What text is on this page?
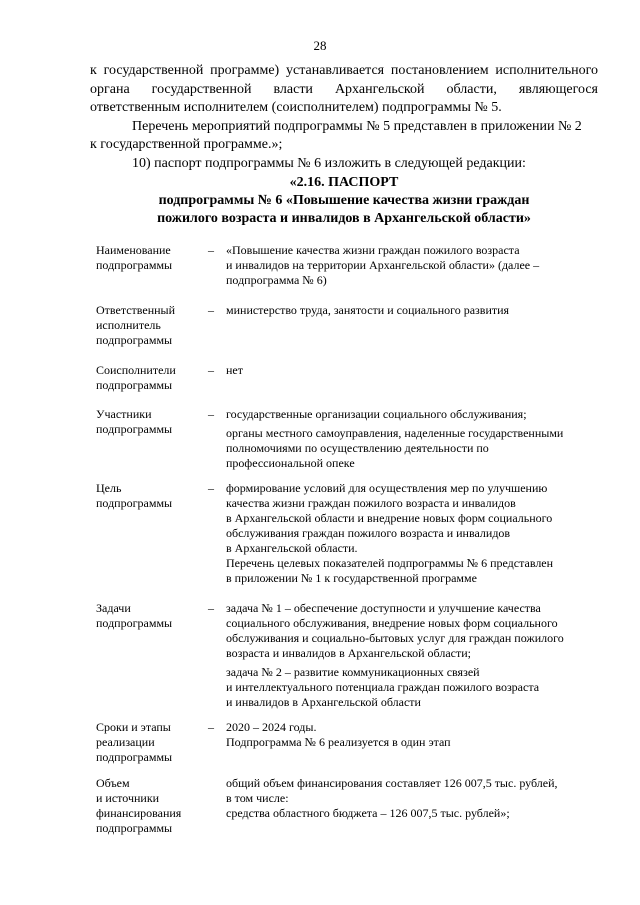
28

к государственной программе) устанавливается постановлением исполнительного

органа государственной власти Архангельской области, являющегося

ответственным исполнителем (соисполнителем) подпрограммы № 5.

Перечень мероприятий подпрограммы № 5 представлен в приложении № 2

к государственной программе.»;

10) паспорт подпрограммы № 6 изложить в следующей редакции:

«2.16. ПАСПОРТ
подпрограммы № 6 «Повышение качества жизни граждан
пожилого возраста и инвалидов в Архангельской области»
Наименование
подпрограммы
–	«Повышение качества жизни граждан пожилого возраста
и инвалидов на территории Архангельской области» (далее –
подпрограмма № 6)
Ответственный
исполнитель
подпрограммы
–	министерство труда, занятости и социального развития
Соисполнители
подпрограммы
–	нет
Участники
подпрограммы
–	государственные организации социального обслуживания;
органы местного самоуправления, наделенные государственными
полномочиями по осуществлению деятельности по
профессиональной опеке
Цель
подпрограммы
–	формирование условий для осуществления мер по улучшению
качества жизни граждан пожилого возраста и инвалидов
в Архангельской области и внедрение новых форм социального
обслуживания граждан пожилого возраста и инвалидов
в Архангельской области.
Перечень целевых показателей подпрограммы № 6 представлен
в приложении № 1 к государственной программе
Задачи
подпрограммы
–	задача № 1 – обеспечение доступности и улучшение качества
социального обслуживания, внедрение новых форм социального
обслуживания и социально-бытовых услуг для граждан пожилого
возраста и инвалидов в Архангельской области;
задача № 2 – развитие коммуникационных связей
и интеллектуального потенциала граждан пожилого возраста
и инвалидов в Архангельской области
Сроки и этапы
реализации
подпрограммы
–	2020 – 2024 годы.
Подпрограмма № 6 реализуется в один этап
Объем
и источники
финансирования
подпрограммы
общий объем финансирования составляет 126 007,5 тыс. рублей,
в том числе:
средства областного бюджета – 126 007,5 тыс. рублей»;
